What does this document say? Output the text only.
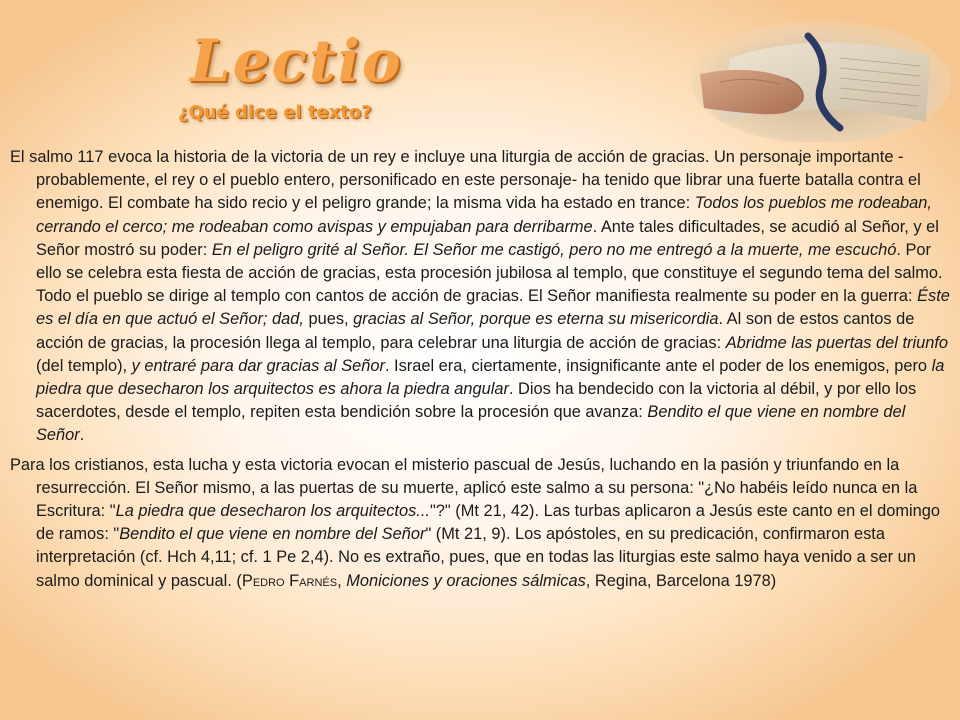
Lectio
¿Qué dice el texto?

El salmo 117 evoca la historia de la victoria de un rey e incluye una liturgia de acción de gracias. Un personaje importante -probablemente, el rey o el pueblo entero, personificado en este personaje- ha tenido que librar una fuerte batalla contra el enemigo. El combate ha sido recio y el peligro grande; la misma vida ha estado en trance: Todos los pueblos me rodeaban, cerrando el cerco; me rodeaban como avispas y empujaban para derribarme. Ante tales dificultades, se acudió al Señor, y el Señor mostró su poder: En el peligro grité al Señor. El Señor me castigó, pero no me entregó a la muerte, me escuchó. Por ello se celebra esta fiesta de acción de gracias, esta procesión jubilosa al templo, que constituye el segundo tema del salmo. Todo el pueblo se dirige al templo con cantos de acción de gracias. El Señor manifiesta realmente su poder en la guerra: Éste es el día en que actuó el Señor; dad, pues, gracias al Señor, porque es eterna su misericordia. Al son de estos cantos de acción de gracias, la procesión llega al templo, para celebrar una liturgia de acción de gracias: Abridme las puertas del triunfo (del templo), y entraré para dar gracias al Señor. Israel era, ciertamente, insignificante ante el poder de los enemigos, pero la piedra que desecharon los arquitectos es ahora la piedra angular. Dios ha bendecido con la victoria al débil, y por ello los sacerdotes, desde el templo, repiten esta bendición sobre la procesión que avanza: Bendito el que viene en nombre del Señor.

Para los cristianos, esta lucha y esta victoria evocan el misterio pascual de Jesús, luchando en la pasión y triunfando en la resurrección. El Señor mismo, a las puertas de su muerte, aplicó este salmo a su persona: "¿No habéis leído nunca en la Escritura: "La piedra que desecharon los arquitectos..."?" (Mt 21, 42). Las turbas aplicaron a Jesús este canto en el domingo de ramos: "Bendito el que viene en nombre del Señor" (Mt 21, 9). Los apóstoles, en su predicación, confirmaron esta interpretación (cf. Hch 4,11; cf. 1 Pe 2,4). No es extraño, pues, que en todas las liturgias este salmo haya venido a ser un salmo dominical y pascual. (Pedro Farnés, Moniciones y oraciones sálmicas, Regina, Barcelona 1978)
